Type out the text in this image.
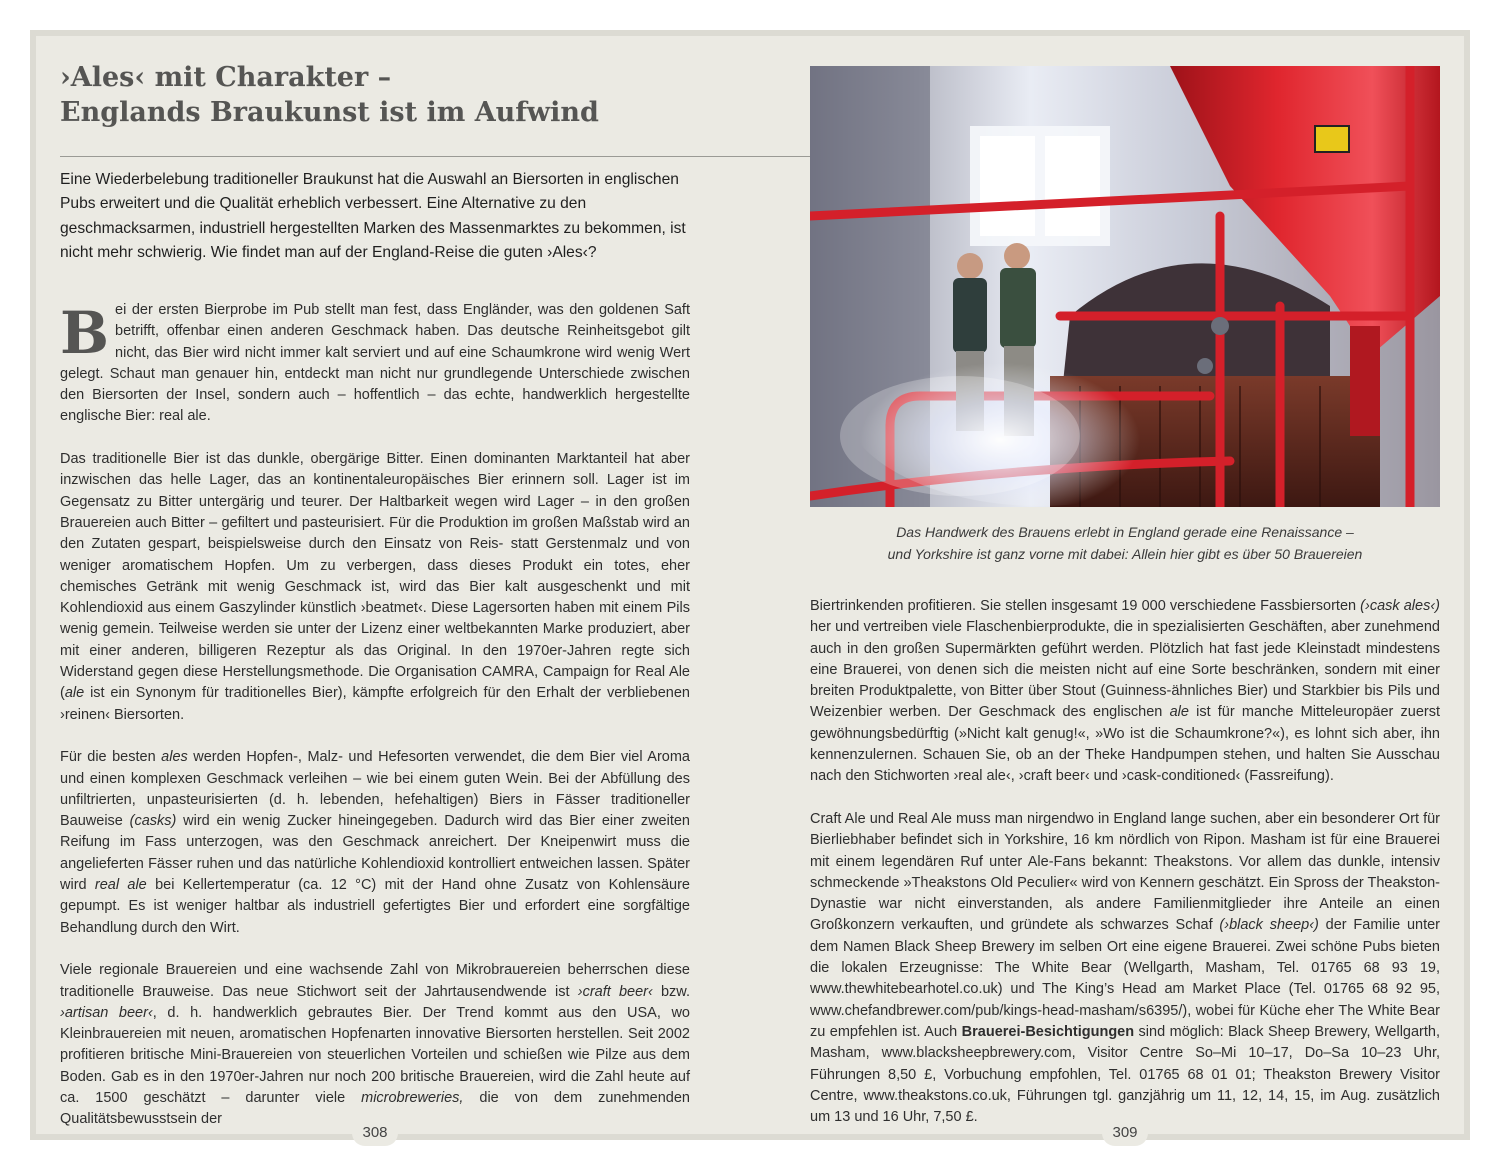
›Ales‹ mit Charakter –
Englands Braukunst ist im Aufwind
Eine Wiederbelebung traditioneller Braukunst hat die Auswahl an Biersorten in englischen Pubs erweitert und die Qualität erheblich verbessert. Eine Alternative zu den geschmacksarmen, industriell hergestellten Marken des Massenmarktes zu bekommen, ist nicht mehr schwierig. Wie findet man auf der England-Reise die guten ›Ales‹?

Bei der ersten Bierprobe im Pub stellt man fest, dass Engländer, was den goldenen Saft betrifft, offenbar einen anderen Geschmack haben. Das deutsche Reinheitsgebot gilt nicht, das Bier wird nicht immer kalt serviert und auf eine Schaumkrone wird wenig Wert gelegt. Schaut man genauer hin, entdeckt man nicht nur grundlegende Unterschiede zwischen den Biersorten der Insel, sondern auch – hoffentlich – das echte, handwerklich hergestellte englische Bier: real ale.

Das traditionelle Bier ist das dunkle, obergärige Bitter. Einen dominanten Marktanteil hat aber inzwischen das helle Lager, das an kontinentaleuropäisches Bier erinnern soll. Lager ist im Gegensatz zu Bitter untergärig und teurer. Der Haltbarkeit wegen wird Lager – in den großen Brauereien auch Bitter – gefiltert und pasteurisiert. Für die Produktion im großen Maßstab wird an den Zutaten gespart, beispielsweise durch den Einsatz von Reis- statt Gerstenmalz und von weniger aromatischem Hopfen. Um zu verbergen, dass dieses Produkt ein totes, eher chemisches Getränk mit wenig Geschmack ist, wird das Bier kalt ausgeschenkt und mit Kohlendioxid aus einem Gaszylinder künstlich ›beatmet‹. Diese Lagersorten haben mit einem Pils wenig gemein. Teilweise werden sie unter der Lizenz einer weltbekannten Marke produziert, aber mit einer anderen, billigeren Rezeptur als das Original. In den 1970er-Jahren regte sich Widerstand gegen diese Herstellungsmethode. Die Organisation CAMRA, Campaign for Real Ale (ale ist ein Synonym für traditionelles Bier), kämpfte erfolgreich für den Erhalt der verbliebenen ›reinen‹ Biersorten.

Für die besten ales werden Hopfen-, Malz- und Hefesorten verwendet, die dem Bier viel Aroma und einen komplexen Geschmack verleihen – wie bei einem guten Wein. Bei der Abfüllung des unfiltrierten, unpasteurisierten (d. h. lebenden, hefehaltigen) Biers in Fässer traditioneller Bauweise (casks) wird ein wenig Zucker hineingegeben. Dadurch wird das Bier einer zweiten Reifung im Fass unterzogen, was den Geschmack anreichert. Der Kneipenwirt muss die angelieferten Fässer ruhen und das natürliche Kohlendioxid kontrolliert entweichen lassen. Später wird real ale bei Kellertemperatur (ca. 12 °C) mit der Hand ohne Zusatz von Kohlensäure gepumpt. Es ist weniger haltbar als industriell gefertigtes Bier und erfordert eine sorgfältige Behandlung durch den Wirt.

Viele regionale Brauereien und eine wachsende Zahl von Mikrobrauereien beherrschen diese traditionelle Brauweise. Das neue Stichwort seit der Jahrtausendwende ist ›craft beer‹ bzw. ›artisan beer‹, d. h. handwerklich gebrautes Bier. Der Trend kommt aus den USA, wo Kleinbrauereien mit neuen, aromatischen Hopfenarten innovative Biersorten herstellen. Seit 2002 profitieren britische Mini-Brauereien von steuerlichen Vorteilen und schießen wie Pilze aus dem Boden. Gab es in den 1970er-Jahren nur noch 200 britische Brauereien, wird die Zahl heute auf ca. 1500 geschätzt – darunter viele microbreweries, die von dem zunehmenden Qualitätsbewusstsein der

Das Handwerk des Brauens erlebt in England gerade eine Renaissance –
und Yorkshire ist ganz vorne mit dabei: Allein hier gibt es über 50 Brauereien

Biertrinkenden profitieren. Sie stellen insgesamt 19 000 verschiedene Fassbiersorten (›cask ales‹) her und vertreiben viele Flaschenbierprodukte, die in spezialisierten Geschäften, aber zunehmend auch in den großen Supermärkten geführt werden. Plötzlich hat fast jede Kleinstadt mindestens eine Brauerei, von denen sich die meisten nicht auf eine Sorte beschränken, sondern mit einer breiten Produktpalette, von Bitter über Stout (Guinness-ähnliches Bier) und Starkbier bis Pils und Weizenbier werben. Der Geschmack des englischen ale ist für manche Mitteleuropäer zuerst gewöhnungsbedürftig (»Nicht kalt genug!«, »Wo ist die Schaumkrone?«), es lohnt sich aber, ihn kennenzulernen. Schauen Sie, ob an der Theke Handpumpen stehen, und halten Sie Ausschau nach den Stichworten ›real ale‹, ›craft beer‹ und ›cask-conditioned‹ (Fassreifung).

Craft Ale und Real Ale muss man nirgendwo in England lange suchen, aber ein besonderer Ort für Bierliebhaber befindet sich in Yorkshire, 16 km nördlich von Ripon. Masham ist für eine Brauerei mit einem legendären Ruf unter Ale-Fans bekannt: Theakstons. Vor allem das dunkle, intensiv schmeckende »Theakstons Old Peculier« wird von Kennern geschätzt. Ein Spross der Theakston-Dynastie war nicht einverstanden, als andere Familienmitglieder ihre Anteile an einen Großkonzern verkauften, und gründete als schwarzes Schaf (›black sheep‹) der Familie unter dem Namen Black Sheep Brewery im selben Ort eine eigene Brauerei. Zwei schöne Pubs bieten die lokalen Erzeugnisse: The White Bear (Wellgarth, Masham, Tel. 01765 68 93 19, www.thewhitebearhotel.co.uk) und The King’s Head am Market Place (Tel. 01765 68 92 95, www.chefandbrewer.com/pub/kings-head-masham/s6395/), wobei für Küche eher The White Bear zu empfehlen ist. Auch Brauerei-Besichtigungen sind möglich: Black Sheep Brewery, Wellgarth, Masham, www.blacksheepbrewery.com, Visitor Centre So–Mi 10–17, Do–Sa 10–23 Uhr, Führungen 8,50 £, Vorbuchung empfohlen, Tel. 01765 68 01 01; Theakston Brewery Visitor Centre, www.theakstons.co.uk, Führungen tgl. ganzjährig um 11, 12, 14, 15, im Aug. zusätzlich um 13 und 16 Uhr, 7,50 £.

308	309
